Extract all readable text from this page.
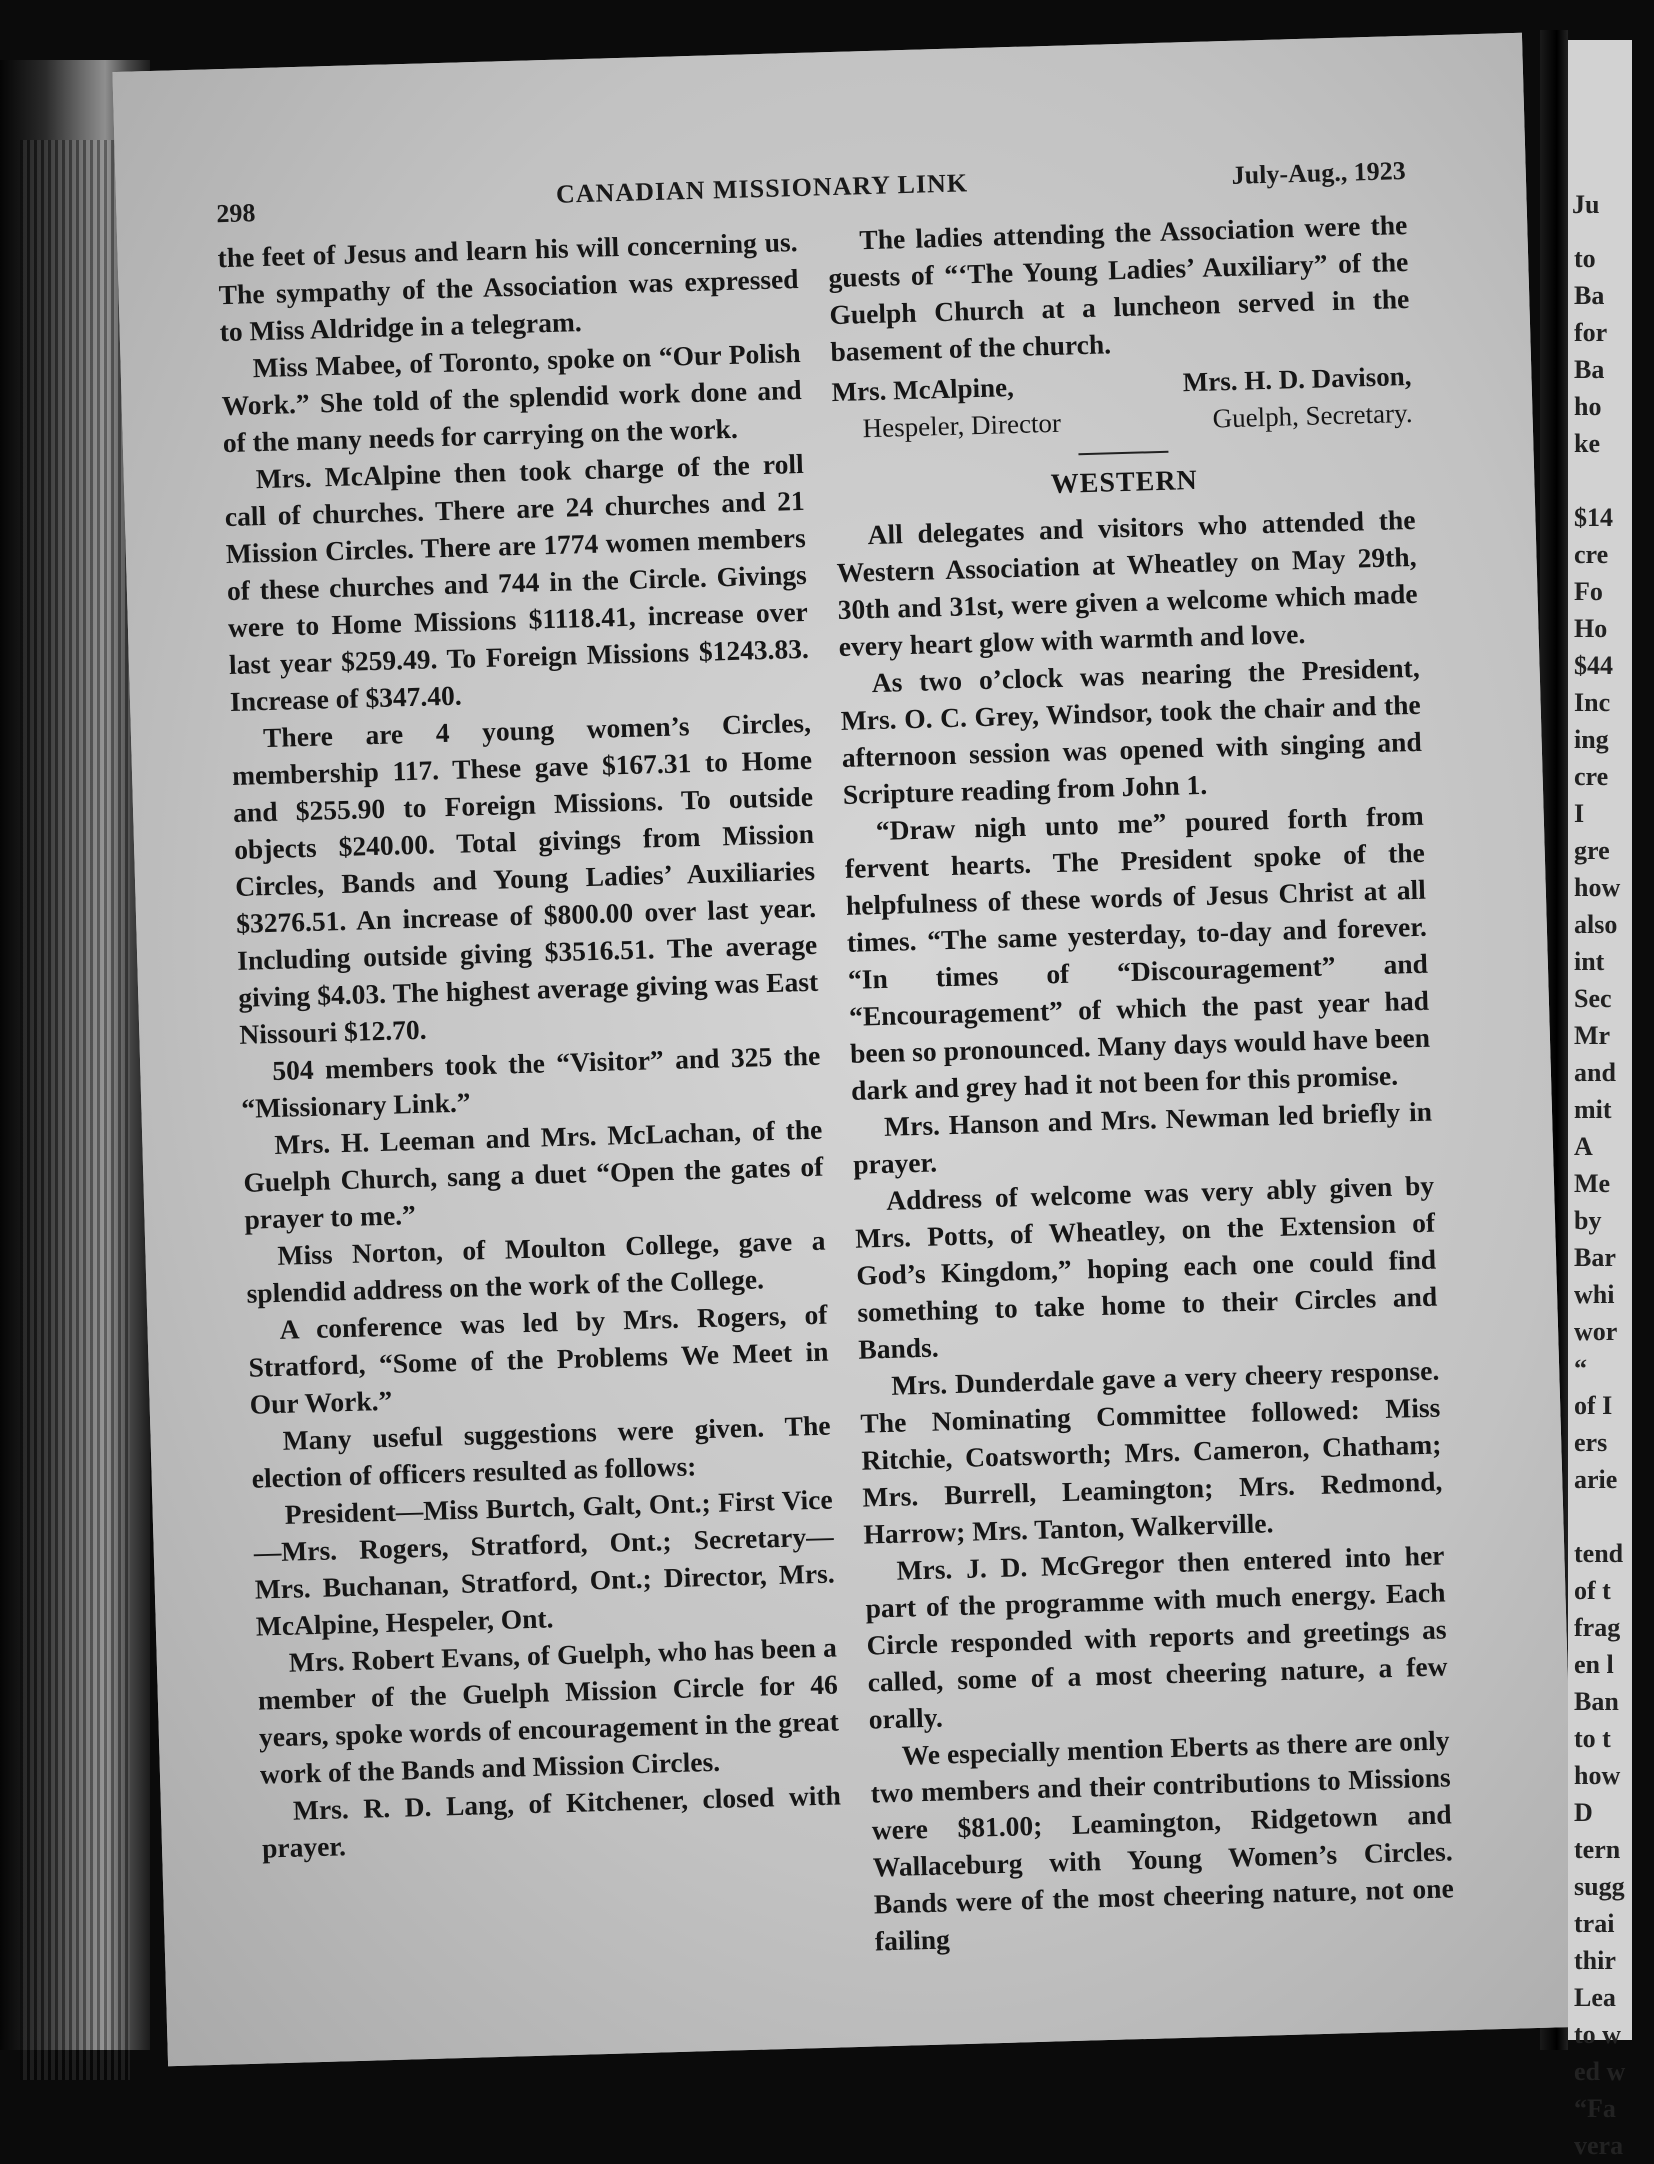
298
CANADIAN MISSIONARY LINK	July-Aug., 1923

the feet of Jesus and learn his will concerning us. The sympathy of the Association was expressed to Miss Aldridge in a telegram.

Miss Mabee, of Toronto, spoke on “Our Polish Work.” She told of the splendid work done and of the many needs for carrying on the work.

Mrs. McAlpine then took charge of the roll call of churches. There are 24 churches and 21 Mission Circles. There are 1774 women members of these churches and 744 in the Circle. Givings were to Home Missions $1118.41, increase over last year $259.49. To Foreign Missions $1243.83. Increase of $347.40.

There are 4 young women’s Circles, membership 117. These gave $167.31 to Home and $255.90 to Foreign Missions. To outside objects $240.00. Total givings from Mission Circles, Bands and Young Ladies’ Auxiliaries $3276.51. An increase of $800.00 over last year. Including outside giving $3516.51. The average giving $4.03. The highest average giving was East Nissouri $12.70.

504 members took the “Visitor” and 325 the “Missionary Link.”

Mrs. H. Leeman and Mrs. McLachan, of the Guelph Church, sang a duet “Open the gates of prayer to me.”

Miss Norton, of Moulton College, gave a splendid address on the work of the College.

A conference was led by Mrs. Rogers, of Stratford, “Some of the Problems We Meet in Our Work.”

Many useful suggestions were given. The election of officers resulted as follows:

President—Miss Burtch, Galt, Ont.; First Vice—Mrs. Rogers, Stratford, Ont.; Secretary— Mrs. Buchanan, Stratford, Ont.; Director, Mrs. McAlpine, Hespeler, Ont.

Mrs. Robert Evans, of Guelph, who has been a member of the Guelph Mission Circle for 46 years, spoke words of encouragement in the great work of the Bands and Mission Circles.

Mrs. R. D. Lang, of Kitchener, closed with prayer.

The ladies attending the Association were the guests of “‘The Young Ladies’ Auxiliary” of the Guelph Church at a luncheon served in the basement of the church.

Mrs. McAlpine,	Mrs. H. D. Davison,
Hespeler, Director	Guelph, Secretary.
WESTERN

All delegates and visitors who attended the Western Association at Wheatley on May 29th, 30th and 31st, were given a welcome which made every heart glow with warmth and love.

As two o’clock was nearing the President, Mrs. O. C. Grey, Windsor, took the chair and the afternoon session was opened with singing and Scripture reading from John 1.

“Draw nigh unto me” poured forth from fervent hearts. The President spoke of the helpfulness of these words of Jesus Christ at all times. “The same yesterday, to-day and forever. “In times of “Discouragement” and “Encouragement” of which the past year had been so pronounced. Many days would have been dark and grey had it not been for this promise.

Mrs. Hanson and Mrs. Newman led briefly in prayer.

Address of welcome was very ably given by Mrs. Potts, of Wheatley, on the Extension of God’s Kingdom,” hoping each one could find something to take home to their Circles and Bands.

Mrs. Dunderdale gave a very cheery response. The Nominating Committee followed: Miss Ritchie, Coatsworth; Mrs. Cameron, Chatham; Mrs. Burrell, Leamington; Mrs. Redmond, Harrow; Mrs. Tanton, Walkerville.

Mrs. J. D. McGregor then entered into her part of the programme with much energy. Each Circle responded with reports and greetings as called, some of a most cheering nature, a few orally.

We especially mention Eberts as there are only two members and their contributions to Missions were $81.00; Leamington, Ridgetown and Wallaceburg with Young Women’s Circles. Bands were of the most cheering nature, not one failing

Ju
to
Ba
for
Ba
ho
ke
$14
cre
Fo
Ho
$44
Inc
ing
cre
I
gre
how
also
int
Sec
Mr
and
mit
A
Me
by
Bar
whi
wor
“
of I
ers
arie
tend
of t
frag
en l
Ban
to t
how
D
tern
sugg
trai
thir
Lea
to w
ed w
“Fa
vera
